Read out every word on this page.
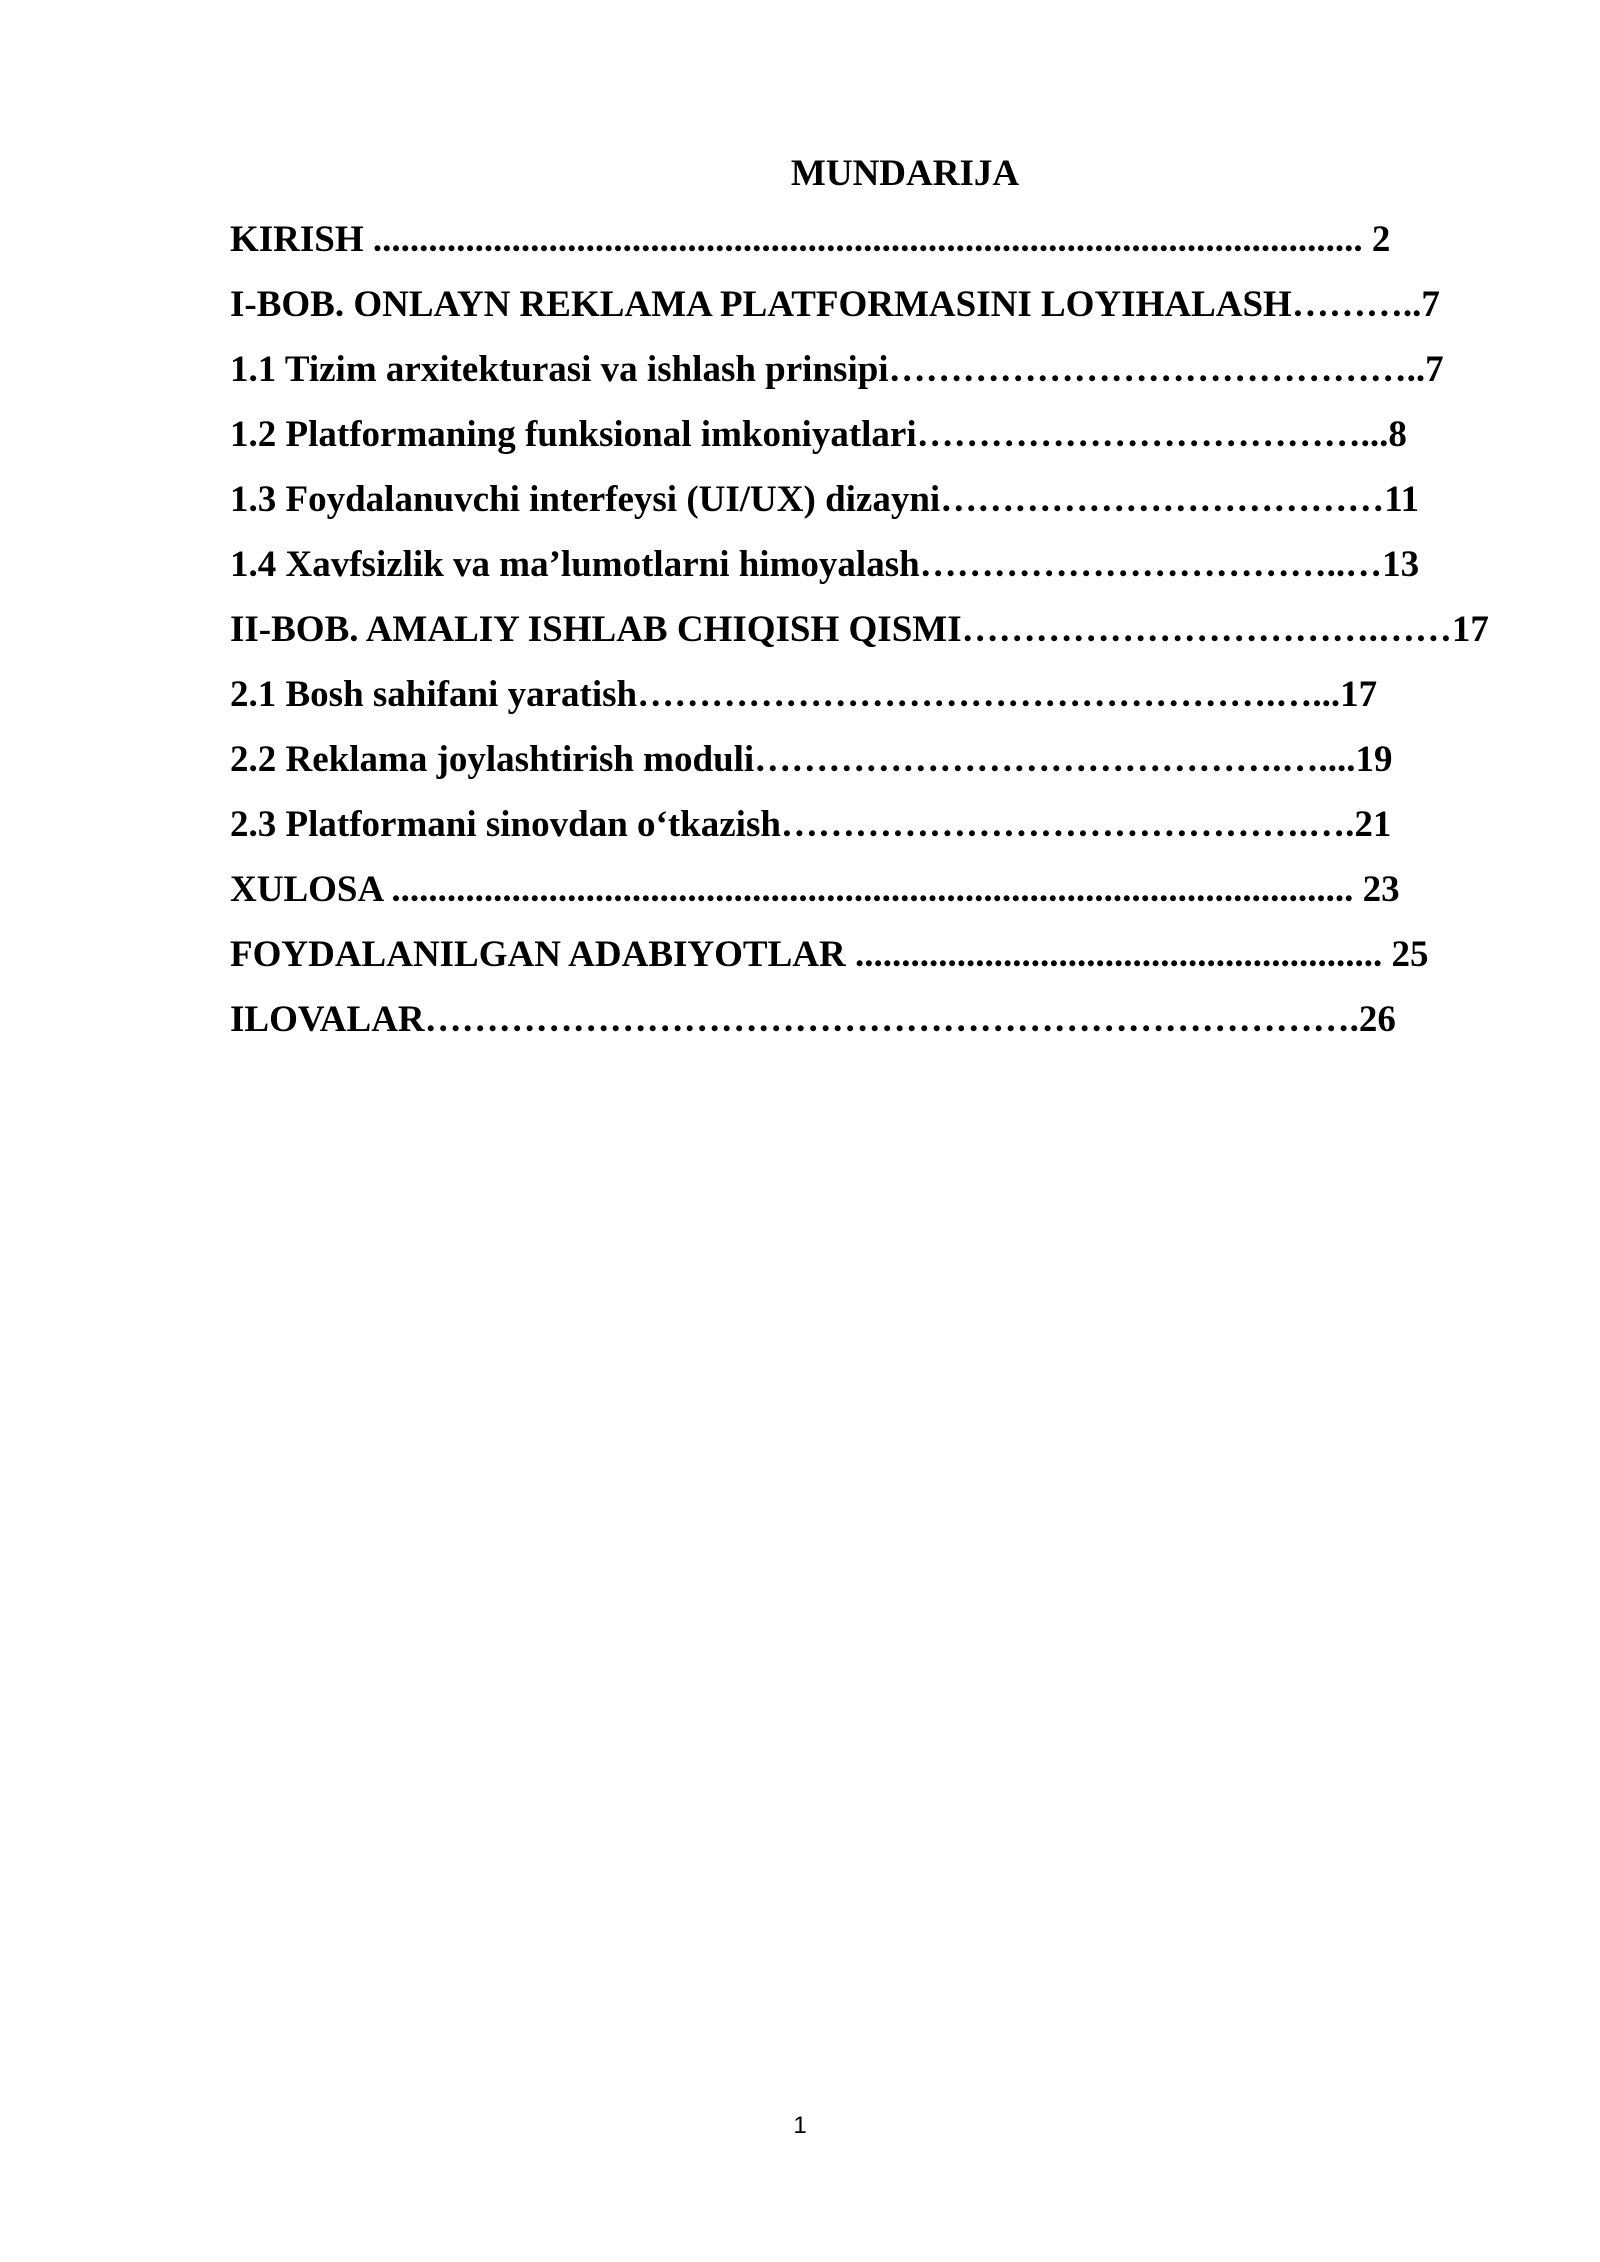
MUNDARIJA
KIRISH ........................................................................................................... 2
I-BOB. ONLAYN REKLAMA PLATFORMASINI LOYIHALASH………..7
1.1 Tizim arxitekturasi va ishlash prinsipi……………………………………..7
1.2 Platformaning funksional imkoniyatlari………………………………...8
1.3 Foydalanuvchi interfeysi (UI/UX) dizayni………………………………11
1.4 Xavfsizlik va ma’lumotlarni himoyalash……………………………..…13
II-BOB. AMALIY ISHLAB CHIQISH QISMI…………………………….……17
2.1 Bosh sahifani yaratish…………………………………………….…...17
2.2 Reklama joylashtirish moduli…………………………………….…....19
2.3 Platformani sinovdan o‘tkazish…………………………………….….21
XULOSA ........................................................................................................ 23
FOYDALANILGAN ADABIYOTLAR ......................................................... 25
ILOVALAR………………………………………………………………….26
1
